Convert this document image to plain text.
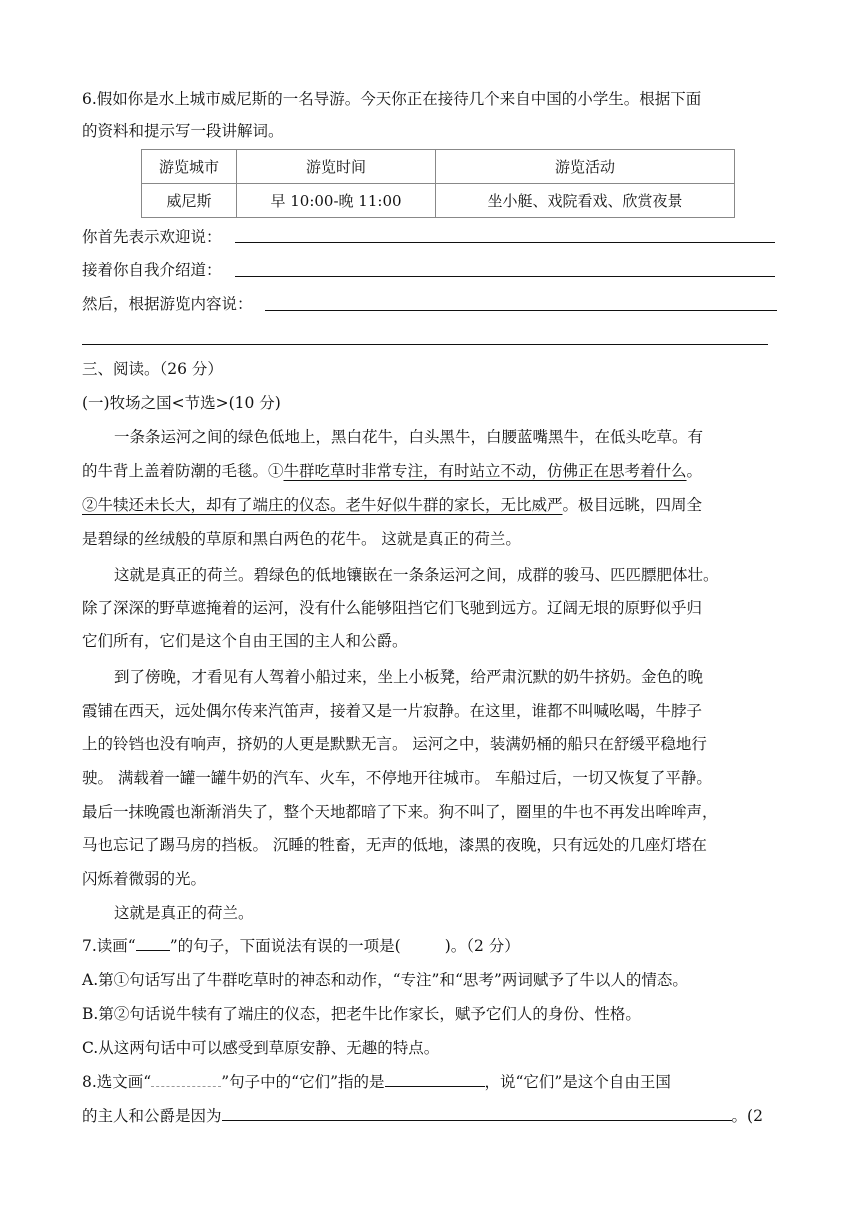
6.假如你是水上城市威尼斯的一名导游。今天你正在接待几个来自中国的小学生。根据下面
的资料和提示写一段讲解词。
游览城市	游览时间	游览活动
威尼斯	早 10:00-晚 11:00	坐小艇、戏院看戏、欣赏夜景
你首先表示欢迎说：
接着你自我介绍道：
然后，根据游览内容说：
三、阅读。（26 分）
(一)牧场之国<节选>(10 分)
一条条运河之间的绿色低地上，黑白花牛，白头黑牛，白腰蓝嘴黑牛，在低头吃草。有
的牛背上盖着防潮的毛毯。①牛群吃草时非常专注，有时站立不动，仿佛正在思考着什么。
②牛犊还未长大，却有了端庄的仪态。老牛好似牛群的家长，无比威严。极目远眺，四周全
是碧绿的丝绒般的草原和黑白两色的花牛。 这就是真正的荷兰。
这就是真正的荷兰。碧绿色的低地镶嵌在一条条运河之间，成群的骏马、匹匹膘肥体壮。
除了深深的野草遮掩着的运河，没有什么能够阻挡它们飞驰到远方。辽阔无垠的原野似乎归
它们所有，它们是这个自由王国的主人和公爵。
到了傍晚，才看见有人驾着小船过来，坐上小板凳，给严肃沉默的奶牛挤奶。金色的晚
霞铺在西天，远处偶尔传来汽笛声，接着又是一片寂静。在这里，谁都不叫喊吆喝，牛脖子
上的铃铛也没有响声，挤奶的人更是默默无言。 运河之中，装满奶桶的船只在舒缓平稳地行
驶。 满载着一罐一罐牛奶的汽车、火车，不停地开往城市。 车船过后，一切又恢复了平静。
最后一抹晚霞也渐渐消失了，整个天地都暗了下来。狗不叫了，圈里的牛也不再发出哞哞声，
马也忘记了踢马房的挡板。 沉睡的牲畜，无声的低地，漆黑的夜晚，只有远处的几座灯塔在
闪烁着微弱的光。
这就是真正的荷兰。
7.读画“ ”的句子，下面说法有误的一项是(	)。（2 分）
A.第①句话写出了牛群吃草时的神态和动作，“专注”和“思考”两词赋予了牛以人的情态。
B.第②句话说牛犊有了端庄的仪态，把老牛比作家长，赋予它们人的身份、性格。
C.从这两句话中可以感受到草原安静、无趣的特点。
8.选文画“	”句子中的“它们”指的是	，说“它们”是这个自由王国
的主人和公爵是因为	。(2
